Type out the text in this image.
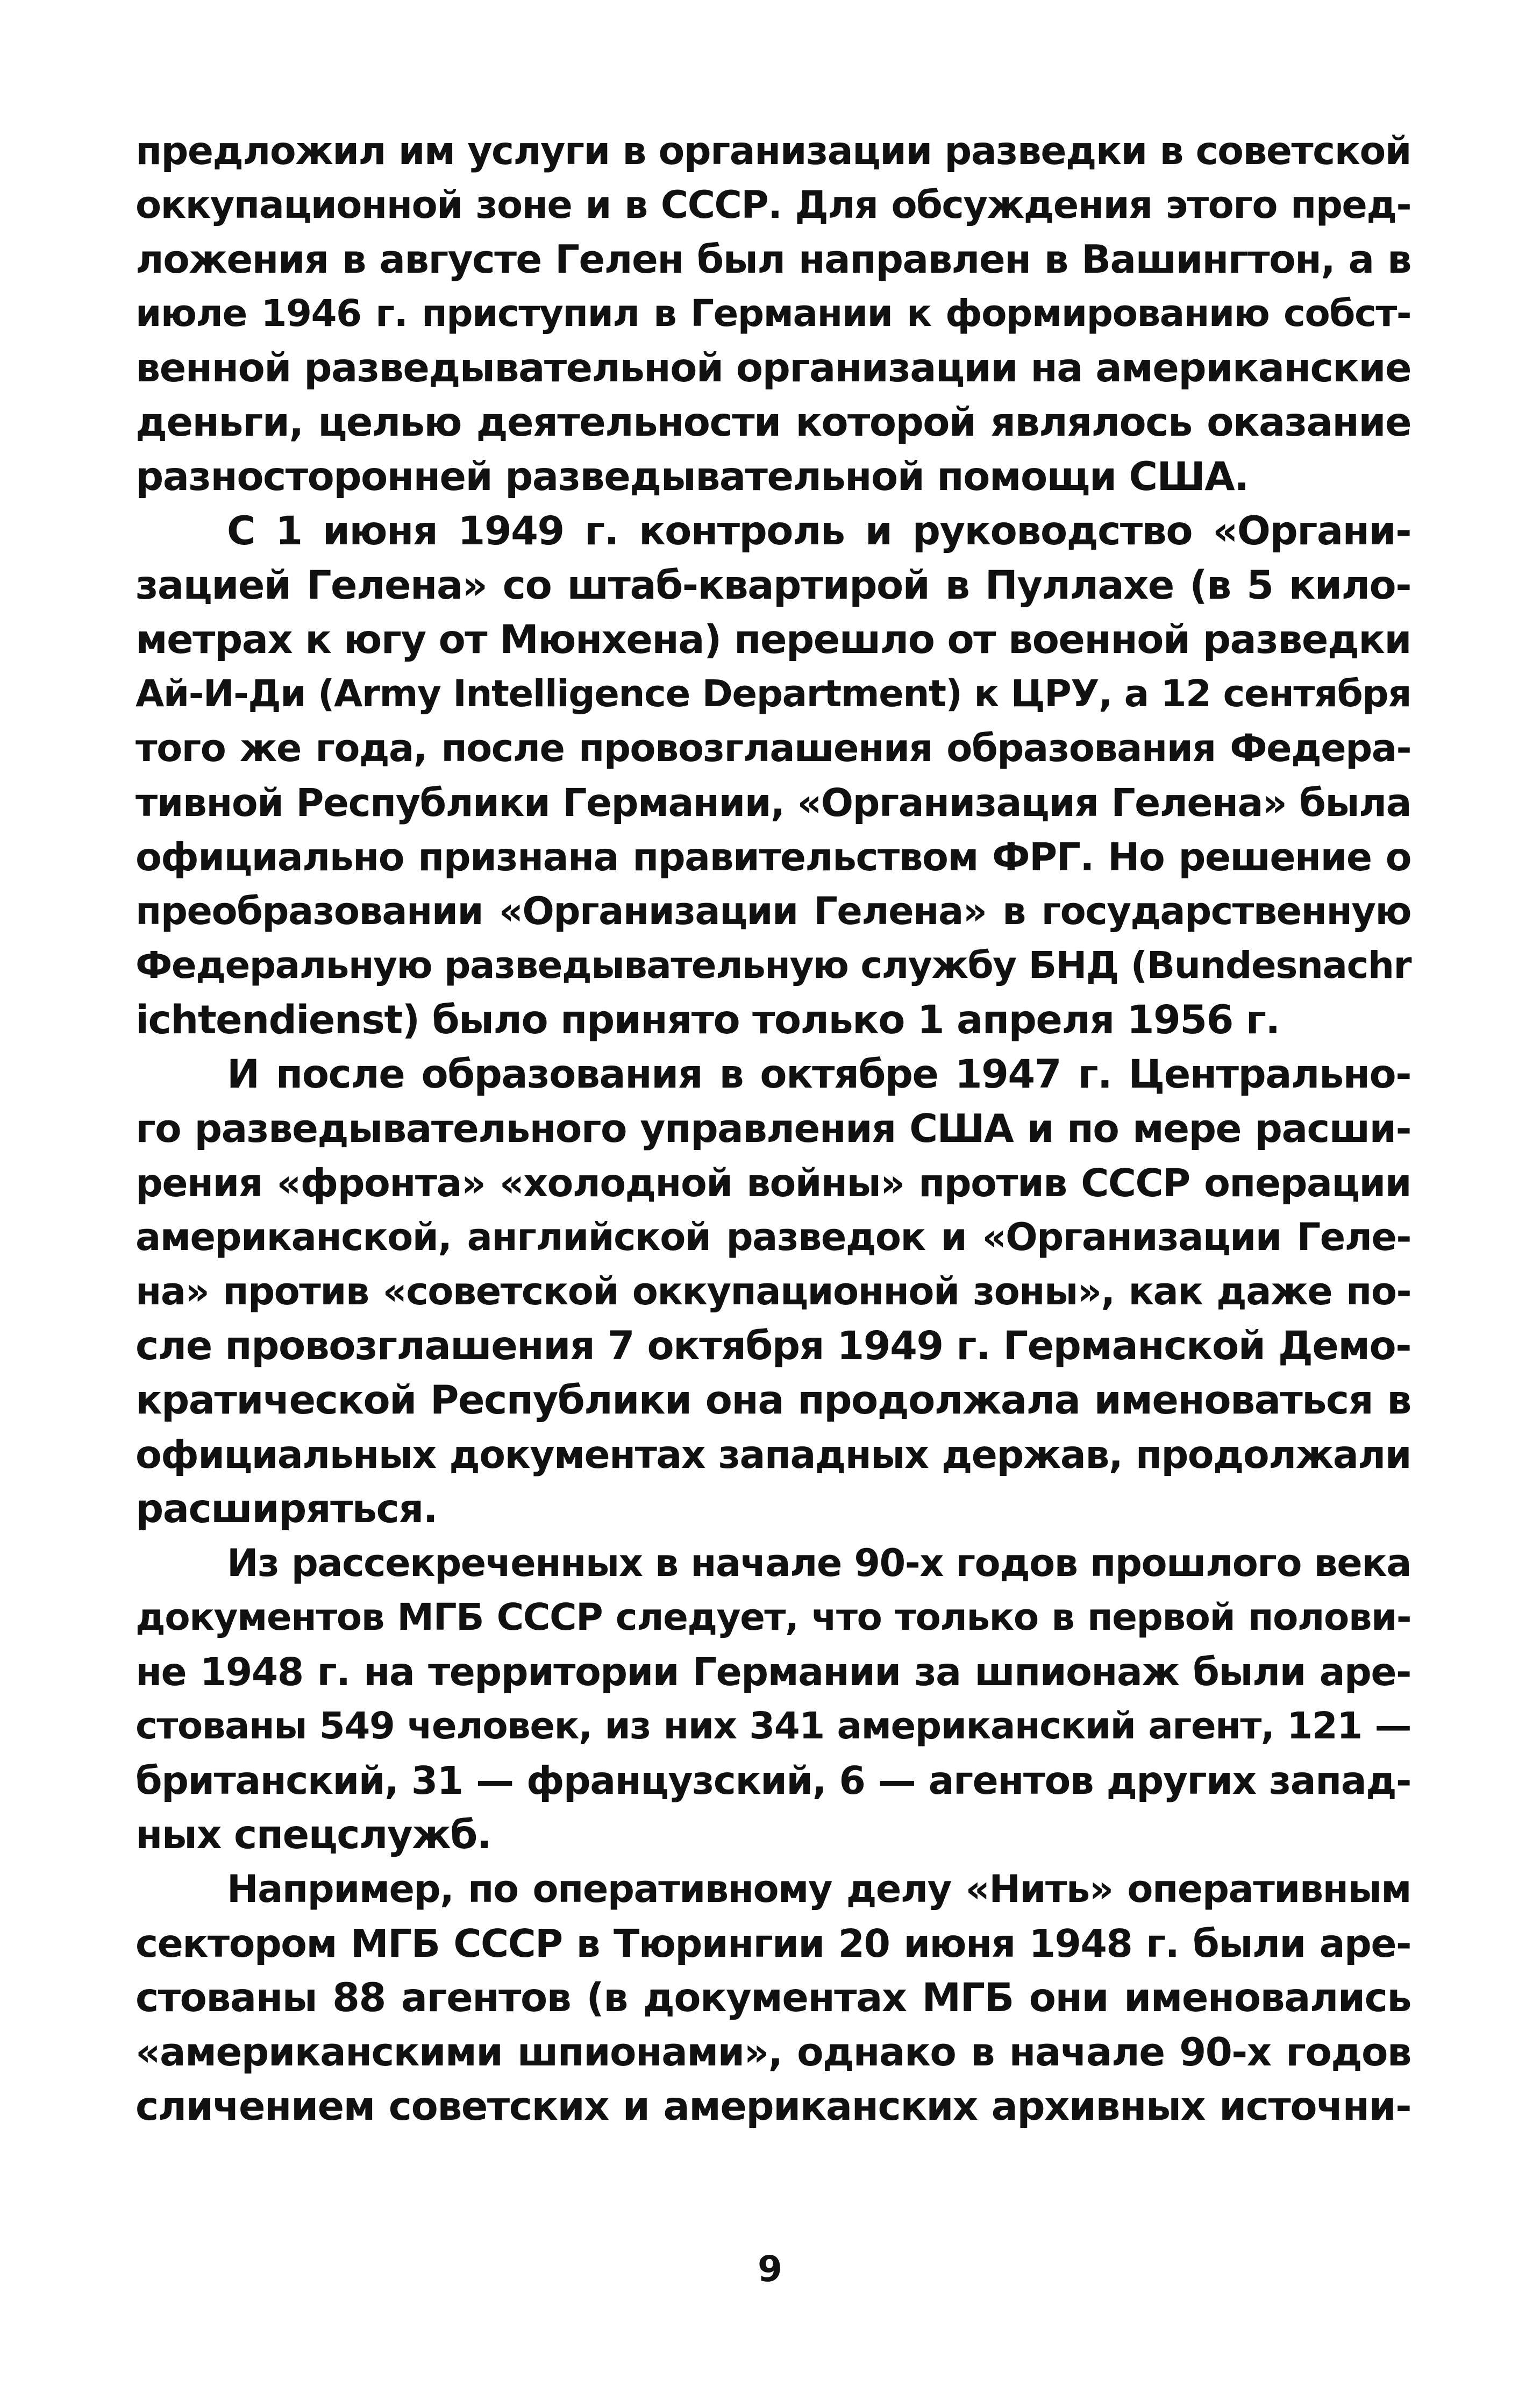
предложил им услуги в организации разведки в советской
оккупационной зоне и в СССР. Для обсуждения этого пред-
ложения в августе Гелен был направлен в Вашингтон, а в
июле 1946 г. приступил в Германии к формированию собст-
венной разведывательной организации на американские
деньги, целью деятельности которой являлось оказание
разносторонней разведывательной помощи США.
С 1 июня 1949 г. контроль и руководство «Органи-
зацией Гелена» со штаб-квартирой в Пуллахе (в 5 кило-
метрах к югу от Мюнхена) перешло от военной разведки
Ай-И-Ди (Army Intelligence Department) к ЦРУ, а 12 сентября
того же года, после провозглашения образования Федера-
тивной Республики Германии, «Организация Гелена» была
официально признана правительством ФРГ. Но решение о
преобразовании «Организации Гелена» в государственную
Федеральную разведывательную службу БНД (Bundesnachr
ichtendienst) было принято только 1 апреля 1956 г.
И после образования в октябре 1947 г. Центрально-
го разведывательного управления США и по мере расши-
рения «фронта» «холодной войны» против СССР операции
американской, английской разведок и «Организации Геле-
на» против «советской оккупационной зоны», как даже по-
сле провозглашения 7 октября 1949 г. Германской Демо-
кратической Республики она продолжала именоваться в
официальных документах западных держав, продолжали
расширяться.
Из рассекреченных в начале 90-х годов прошлого века
документов МГБ СССР следует, что только в первой полови-
не 1948 г. на территории Германии за шпионаж были аре-
стованы 549 человек, из них 341 американский агент, 121 —
британский, 31 — французский, 6 — агентов других запад-
ных спецслужб.
Например, по оперативному делу «Нить» оперативным
сектором МГБ СССР в Тюрингии 20 июня 1948 г. были аре-
стованы 88 агентов (в документах МГБ они именовались
«американскими шпионами», однако в начале 90-х годов
сличением советских и американских архивных источни-
9
